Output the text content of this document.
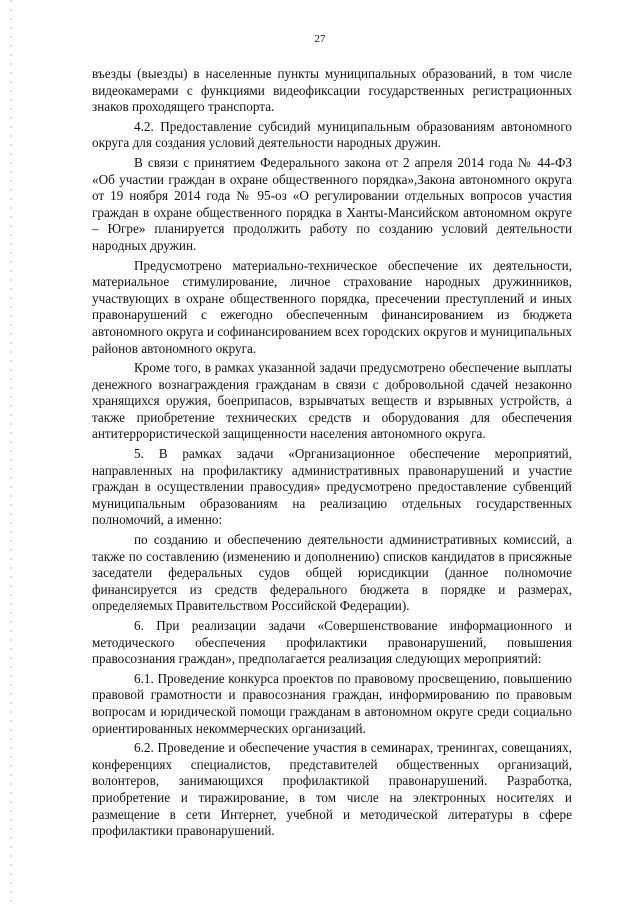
27

въезды (выезды) в населенные пункты муниципальных образований, в том числе видеокамерами с функциями видеофиксации государственных регистрационных знаков проходящего транспорта.

4.2. Предоставление субсидий муниципальным образованиям автономного округа для создания условий деятельности народных дружин.

В связи с принятием Федерального закона от 2 апреля 2014 года № 44-ФЗ «Об участии граждан в охране общественного порядка»,Закона автономного округа от 19 ноября 2014 года № 95-оз «О регулировании отдельных вопросов участия граждан в охране общественного порядка в Ханты-Мансийском автономном округе – Югре» планируется продолжить работу по созданию условий деятельности народных дружин.

Предусмотрено материально-техническое обеспечение их деятельности, материальное стимулирование, личное страхование народных дружинников, участвующих в охране общественного порядка, пресечении преступлений и иных правонарушений с ежегодно обеспеченным финансированием из бюджета автономного округа и софинансированием всех городских округов и муниципальных районов автономного округа.

Кроме того, в рамках указанной задачи предусмотрено обеспечение выплаты денежного вознаграждения гражданам в связи с добровольной сдачей незаконно хранящихся оружия, боеприпасов, взрывчатых веществ и взрывных устройств, а также приобретение технических средств и оборудования для обеспечения антитеррористической защищенности населения автономного округа.

5. В рамках задачи «Организационное обеспечение мероприятий, направленных на профилактику административных правонарушений и участие граждан в осуществлении правосудия» предусмотрено предоставление субвенций муниципальным образованиям на реализацию отдельных государственных полномочий, а именно:

по созданию и обеспечению деятельности административных комиссий, а также по составлению (изменению и дополнению) списков кандидатов в присяжные заседатели федеральных судов общей юрисдикции (данное полномочие финансируется из средств федерального бюджета в порядке и размерах, определяемых Правительством Российской Федерации).

6. При реализации задачи «Совершенствование информационного и методического обеспечения профилактики правонарушений, повышения правосознания граждан», предполагается реализация следующих мероприятий:

6.1. Проведение конкурса проектов по правовому просвещению, повышению правовой грамотности и правосознания граждан, информированию по правовым вопросам и юридической помощи гражданам в автономном округе среди социально ориентированных некоммерческих организаций.

6.2. Проведение и обеспечение участия в семинарах, тренингах, совещаниях, конференциях специалистов, представителей общественных организаций, волонтеров, занимающихся профилактикой правонарушений. Разработка, приобретение и тиражирование, в том числе на электронных носителях и размещение в сети Интернет, учебной и методической литературы в сфере профилактики правонарушений.
